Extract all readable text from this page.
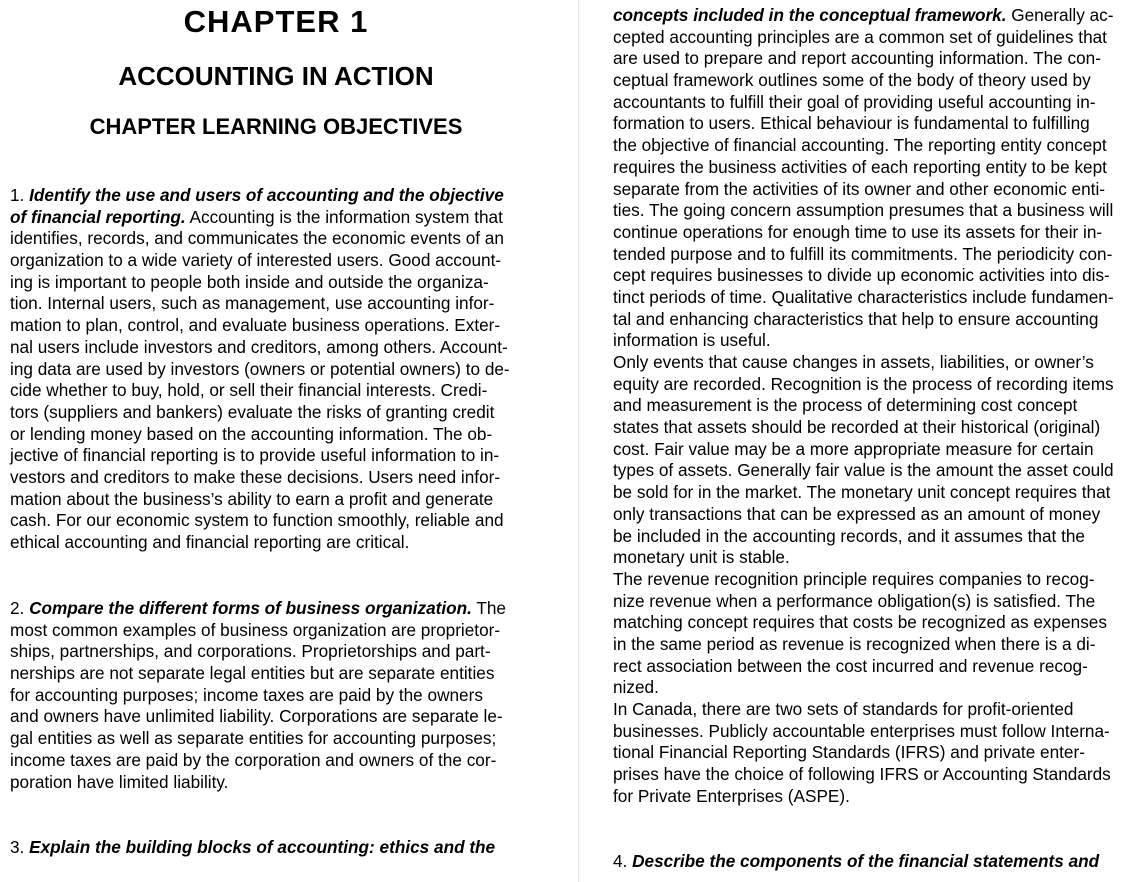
CHAPTER 1
ACCOUNTING IN ACTION
CHAPTER LEARNING OBJECTIVES
1. Identify the use and users of accounting and the objective
of financial reporting. Accounting is the information system that
identifies, records, and communicates the economic events of an
organization to a wide variety of interested users. Good account-
ing is important to people both inside and outside the organiza-
tion. Internal users, such as management, use accounting infor-
mation to plan, control, and evaluate business operations. Exter-
nal users include investors and creditors, among others. Account-
ing data are used by investors (owners or potential owners) to de-
cide whether to buy, hold, or sell their financial interests. Credi-
tors (suppliers and bankers) evaluate the risks of granting credit
or lending money based on the accounting information. The ob-
jective of financial reporting is to provide useful information to in-
vestors and creditors to make these decisions. Users need infor-
mation about the business’s ability to earn a profit and generate
cash. For our economic system to function smoothly, reliable and
ethical accounting and financial reporting are critical.
2. Compare the different forms of business organization. The
most common examples of business organization are proprietor-
ships, partnerships, and corporations. Proprietorships and part-
nerships are not separate legal entities but are separate entities
for accounting purposes; income taxes are paid by the owners
and owners have unlimited liability. Corporations are separate le-
gal entities as well as separate entities for accounting purposes;
income taxes are paid by the corporation and owners of the cor-
poration have limited liability.
3. Explain the building blocks of accounting: ethics and the
concepts included in the conceptual framework. Generally ac-
cepted accounting principles are a common set of guidelines that
are used to prepare and report accounting information. The con-
ceptual framework outlines some of the body of theory used by
accountants to fulfill their goal of providing useful accounting in-
formation to users. Ethical behaviour is fundamental to fulfilling
the objective of financial accounting. The reporting entity concept
requires the business activities of each reporting entity to be kept
separate from the activities of its owner and other economic enti-
ties. The going concern assumption presumes that a business will
continue operations for enough time to use its assets for their in-
tended purpose and to fulfill its commitments. The periodicity con-
cept requires businesses to divide up economic activities into dis-
tinct periods of time. Qualitative characteristics include fundamen-
tal and enhancing characteristics that help to ensure accounting
information is useful.
Only events that cause changes in assets, liabilities, or owner’s
equity are recorded. Recognition is the process of recording items
and measurement is the process of determining cost concept
states that assets should be recorded at their historical (original)
cost. Fair value may be a more appropriate measure for certain
types of assets. Generally fair value is the amount the asset could
be sold for in the market. The monetary unit concept requires that
only transactions that can be expressed as an amount of money
be included in the accounting records, and it assumes that the
monetary unit is stable.
The revenue recognition principle requires companies to recog-
nize revenue when a performance obligation(s) is satisfied. The
matching concept requires that costs be recognized as expenses
in the same period as revenue is recognized when there is a di-
rect association between the cost incurred and revenue recog-
nized.
In Canada, there are two sets of standards for profit-oriented
businesses. Publicly accountable enterprises must follow Interna-
tional Financial Reporting Standards (IFRS) and private enter-
prises have the choice of following IFRS or Accounting Standards
for Private Enterprises (ASPE).
4. Describe the components of the financial statements and
